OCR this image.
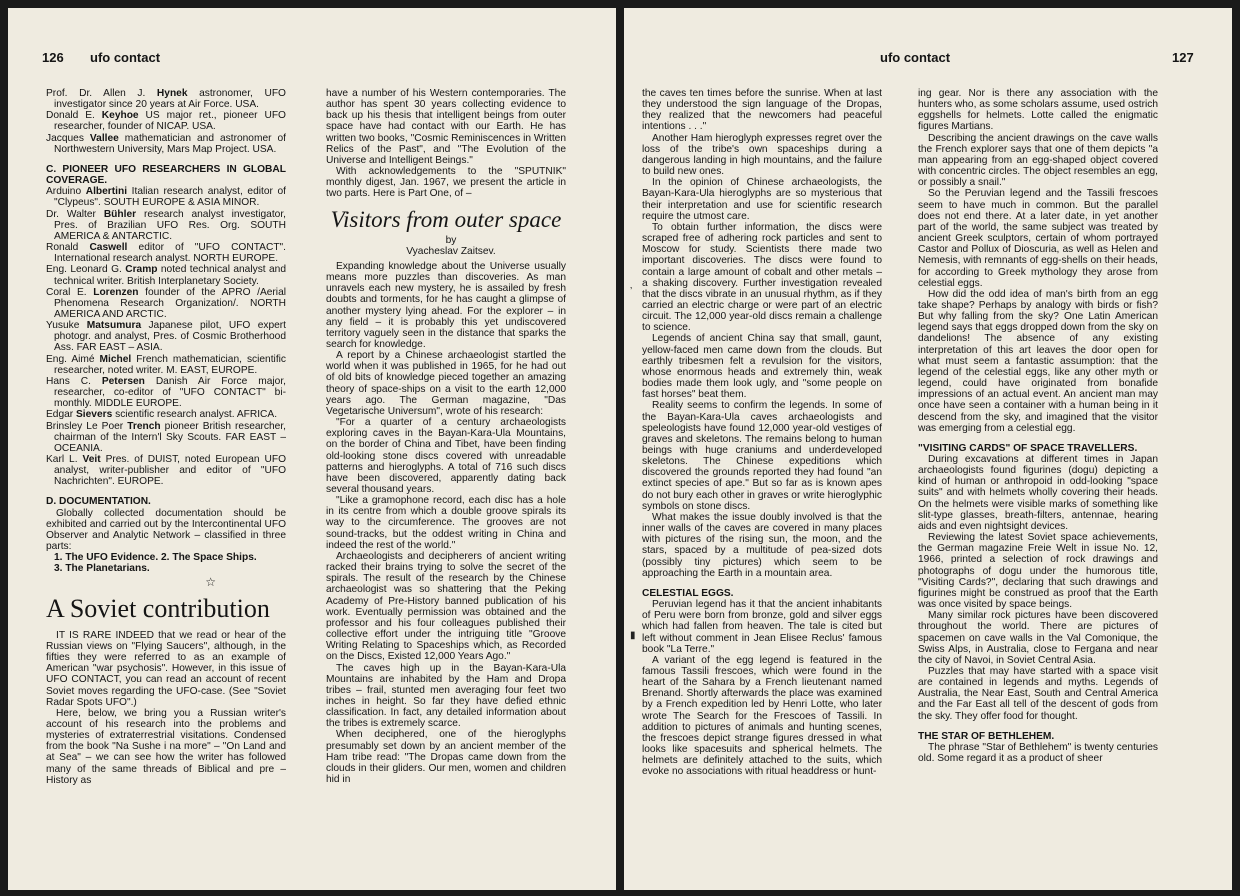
126 ufo contact

Prof. Dr. Allen J. Hynek astronomer, UFO investigator since 20 years at Air Force. USA.

Donald E. Keyhoe US major ret., pioneer UFO researcher, founder of NICAP. USA.

Jacques Vallee mathematician and astronomer of Northwestern University, Mars Map Project. USA.

C. PIONEER UFO RESEARCHERS IN GLOBAL COVERAGE.

Arduino Albertini Italian research analyst, editor of "Clypeus". SOUTH EUROPE & ASIA MINOR.

Dr. Walter Bühler research analyst investigator, Pres. of Brazilian UFO Res. Org. SOUTH AMERICA & ANTARCTIC.

Ronald Caswell editor of "UFO CONTACT". International research analyst. NORTH EUROPE.

Eng. Leonard G. Cramp noted technical analyst and technical writer. British Interplanetary Society.

Coral E. Lorenzen founder of the APRO /Aerial Phenomena Research Organization/. NORTH AMERICA AND ARCTIC.

Yusuke Matsumura Japanese pilot, UFO expert photogr. and analyst, Pres. of Cosmic Brotherhood Ass. FAR EAST – ASIA.

Eng. Aimé Michel French mathematician, scientific researcher, noted writer. M. EAST, EUROPE.

Hans C. Petersen Danish Air Force major, researcher, co-editor of "UFO CONTACT" bi-monthly. MIDDLE EUROPE.

Edgar Sievers scientific research analyst. AFRICA.

Brinsley Le Poer Trench pioneer British researcher, chairman of the Intern'l Sky Scouts. FAR EAST – OCEANIA.

Karl L. Veit Pres. of DUIST, noted European UFO analyst, writer-publisher and editor of "UFO Nachrichten". EUROPE.

D. DOCUMENTATION.

Globally collected documentation should be exhibited and carried out by the Intercontinental UFO Observer and Analytic Network – classified in three parts:

1. The UFO Evidence. 2. The Space Ships.

3. The Planetarians.

☆
A Soviet contribution

IT IS RARE INDEED that we read or hear of the Russian views on "Flying Saucers", although, in the fifties they were referred to as an example of American "war psychosis". However, in this issue of UFO CONTACT, you can read an account of recent Soviet moves regarding the UFO-case. (See "Soviet Radar Spots UFO".)

Here, below, we bring you a Russian writer's account of his research into the problems and mysteries of extraterrestrial visitations. Condensed from the book "Na Sushe i na more" – "On Land and at Sea" – we can see how the writer has followed many of the same threads of Biblical and pre – History as

have a number of his Western contemporaries. The author has spent 30 years collecting evidence to back up his thesis that intelligent beings from outer space have had contact with our Earth. He has written two books, "Cosmic Reminiscences in Written Relics of the Past", and "The Evolution of the Universe and Intelligent Beings."

With acknowledgements to the "SPUTNIK" monthly digest, Jan. 1967, we present the article in two parts. Here is Part One, of –

Visitors from outer space

by

Vyacheslav Zaitsev.

Expanding knowledge about the Universe usually means more puzzles than discoveries. As man unravels each new mystery, he is assailed by fresh doubts and torments, for he has caught a glimpse of another mystery lying ahead. For the explorer – in any field – it is probably this yet undiscovered territory vaguely seen in the distance that sparks the search for knowledge.

A report by a Chinese archaeologist startled the world when it was published in 1965, for he had out of old bits of knowledge pieced together an amazing theory of space-ships on a visit to the earth 12,000 years ago. The German magazine, "Das Vegetarische Universum", wrote of his research:

"For a quarter of a century archaeologists exploring caves in the Bayan-Kara-Ula Mountains, on the border of China and Tibet, have been finding old-looking stone discs covered with unreadable patterns and hieroglyphs. A total of 716 such discs have been discovered, apparently dating back several thousand years.

"Like a gramophone record, each disc has a hole in its centre from which a double groove spirals its way to the circumference. The grooves are not sound-tracks, but the oddest writing in China and indeed the rest of the world."

Archaeologists and decipherers of ancient writing racked their brains trying to solve the secret of the spirals. The result of the research by the Chinese archaeologist was so shattering that the Peking Academy of Pre-History banned publication of his work. Eventually permission was obtained and the professor and his four colleagues published their collective effort under the intriguing title "Groove Writing Relating to Spaceships which, as Recorded on the Discs, Existed 12,000 Years Ago."

The caves high up in the Bayan-Kara-Ula Mountains are inhabited by the Ham and Dropa tribes – frail, stunted men averaging four feet two inches in height. So far they have defied ethnic classification. In fact, any detailed information about the tribes is extremely scarce.

When deciphered, one of the hieroglyphs presumably set down by an ancient member of the Ham tribe read: "The Dropas came down from the clouds in their gliders. Our men, women and children hid in

ufo contact	127
‚
▮

the caves ten times before the sunrise. When at last they understood the sign language of the Dropas, they realized that the newcomers had peaceful intentions . . ."

Another Ham hieroglyph expresses regret over the loss of the tribe's own spaceships during a dangerous landing in high mountains, and the failure to build new ones.

In the opinion of Chinese archaeologists, the Bayan-Kara-Ula hieroglyphs are so mysterious that their interpretation and use for scientific research require the utmost care.

To obtain further information, the discs were scraped free of adhering rock particles and sent to Moscow for study. Scientists there made two important discoveries. The discs were found to contain a large amount of cobalt and other metals – a shaking discovery. Further investigation revealed that the discs vibrate in an unusual rhythm, as if they carried an electric charge or were part of an electric circuit. The 12,000 year-old discs remain a challenge to science.

Legends of ancient China say that small, gaunt, yellow-faced men came down from the clouds. But earthly tribesmen felt a revulsion for the visitors, whose enormous heads and extremely thin, weak bodies made them look ugly, and "some people on fast horses" beat them.

Reality seems to confirm the legends. In some of the Bayan-Kara-Ula caves archaeologists and speleologists have found 12,000 year-old vestiges of graves and skeletons. The remains belong to human beings with huge craniums and underdeveloped skeletons. The Chinese expeditions which discovered the grounds reported they had found "an extinct species of ape." But so far as is known apes do not bury each other in graves or write hieroglyphic symbols on stone discs.

What makes the issue doubly involved is that the inner walls of the caves are covered in many places with pictures of the rising sun, the moon, and the stars, spaced by a multitude of pea-sized dots (possibly tiny pictures) which seem to be approaching the Earth in a mountain area.

CELESTIAL EGGS.

Peruvian legend has it that the ancient inhabitants of Peru were born from bronze, gold and silver eggs which had fallen from heaven. The tale is cited but left without comment in Jean Elisee Reclus' famous book "La Terre."

A variant of the egg legend is featured in the famous Tassili frescoes, which were found in the heart of the Sahara by a French lieutenant named Brenand. Shortly afterwards the place was examined by a French expedition led by Henri Lotte, who later wrote The Search for the Frescoes of Tassili. In addition to pictures of animals and hunting scenes, the frescoes depict strange figures dressed in what looks like spacesuits and spherical helmets. The helmets are definitely attached to the suits, which evoke no associations with ritual headdress or hunt-

ing gear. Nor is there any association with the hunters who, as some scholars assume, used ostrich eggshells for helmets. Lotte called the enigmatic figures Martians.

Describing the ancient drawings on the cave walls the French explorer says that one of them depicts "a man appearing from an egg-shaped object covered with concentric circles. The object resembles an egg, or possibly a snail."

So the Peruvian legend and the Tassili frescoes seem to have much in common. But the parallel does not end there. At a later date, in yet another part of the world, the same subject was treated by ancient Greek sculptors, certain of whom portrayed Castor and Pollux of Dioscuria, as well as Helen and Nemesis, with remnants of egg-shells on their heads, for according to Greek mythology they arose from celestial eggs.

How did the odd idea of man's birth from an egg take shape? Perhaps by analogy with birds or fish? But why falling from the sky? One Latin American legend says that eggs dropped down from the sky on dandelions! The absence of any existing interpretation of this art leaves the door open for what must seem a fantastic assumption: that the legend of the celestial eggs, like any other myth or legend, could have originated from bonafide impressions of an actual event. An ancient man may once have seen a container with a human being in it descend from the sky, and imagined that the visitor was emerging from a celestial egg.

"VISITING CARDS" OF SPACE TRAVELLERS.

During excavations at different times in Japan archaeologists found figurines (dogu) depicting a kind of human or anthropoid in odd-looking "space suits" and with helmets wholly covering their heads. On the helmets were visible marks of something like slit-type glasses, breath-filters, antennae, hearing aids and even nightsight devices.

Reviewing the latest Soviet space achievements, the German magazine Freie Welt in issue No. 12, 1966, printed a selection of rock drawings and photographs of dogu under the humorous title, "Visiting Cards?", declaring that such drawings and figurines might be construed as proof that the Earth was once visited by space beings.

Many similar rock pictures have been discovered throughout the world. There are pictures of spacemen on cave walls in the Val Comonique, the Swiss Alps, in Australia, close to Fergana and near the city of Navoi, in Soviet Central Asia.

Puzzles that may have started with a space visit are contained in legends and myths. Legends of Australia, the Near East, South and Central America and the Far East all tell of the descent of gods from the sky. They offer food for thought.

THE STAR OF BETHLEHEM.

The phrase "Star of Bethlehem" is twenty centuries old. Some regard it as a product of sheer
